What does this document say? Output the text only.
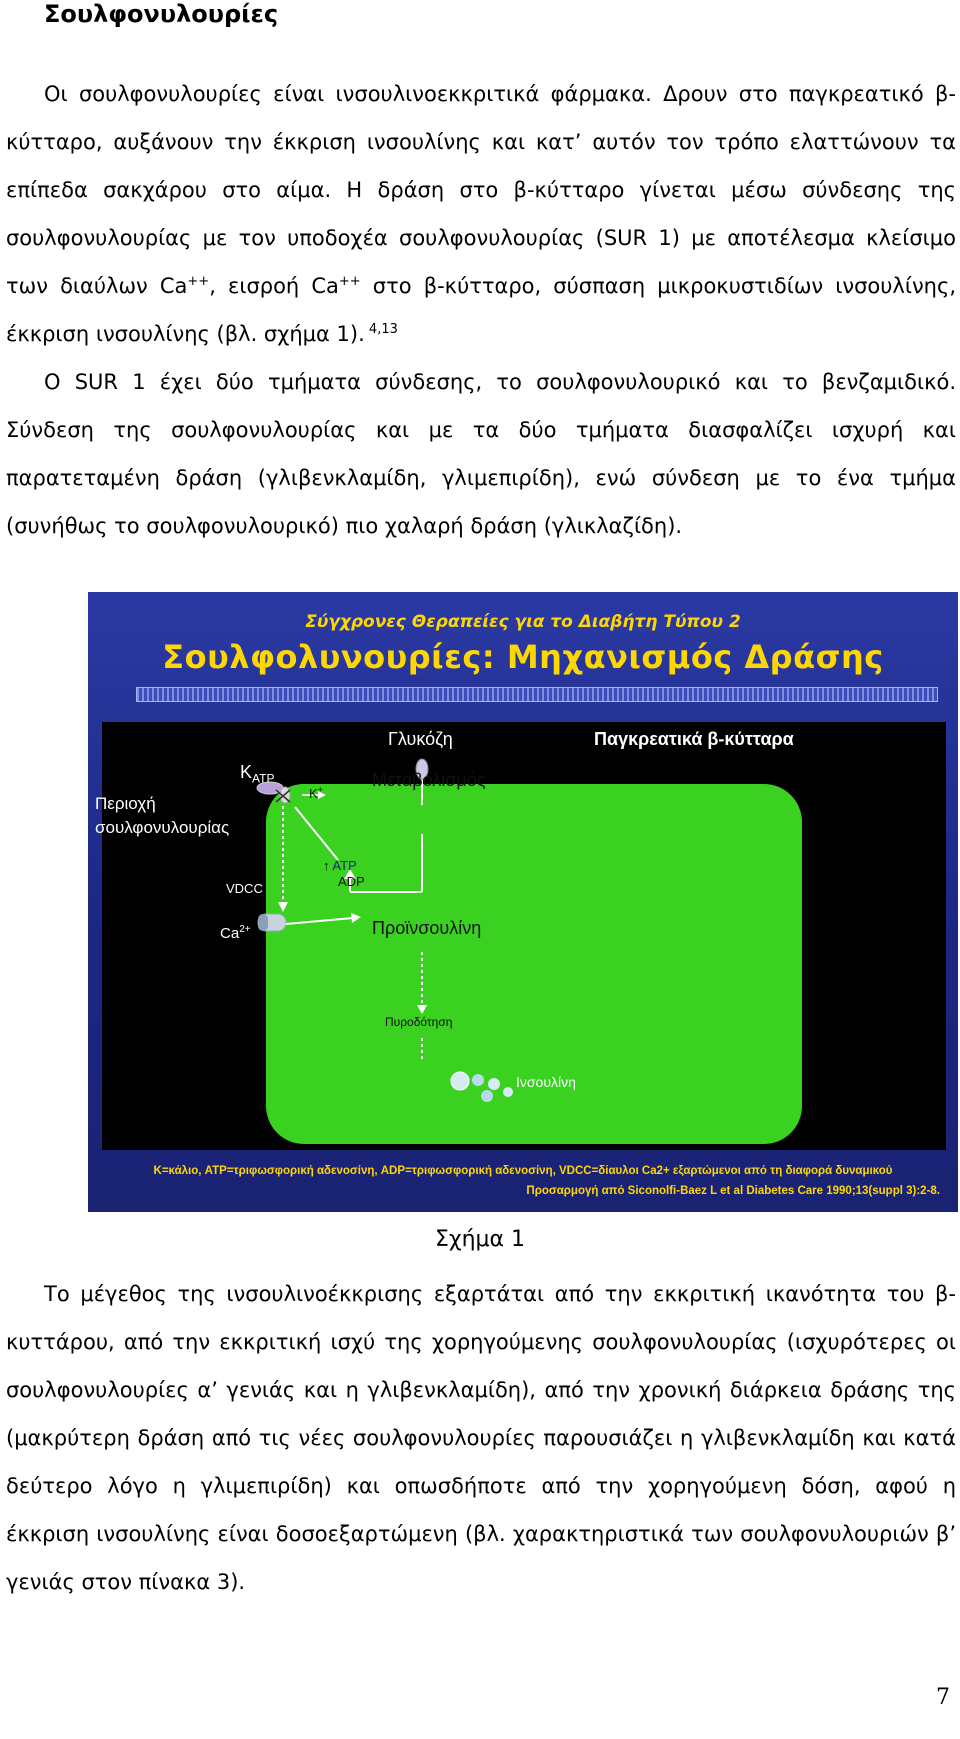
Σουλφονυλουρίες

Οι σουλφονυλουρίες είναι ινσουλινοεκκριτικά φάρμακα. Δρουν στο παγκρεατικό β-κύτταρο, αυξάνουν την έκκριση ινσουλίνης και κατ’ αυτόν τον τρόπο ελαττώνουν τα επίπεδα σακχάρου στο αίμα. Η δράση στο β-κύτταρο γίνεται μέσω σύνδεσης της σουλφονυλουρίας με τον υποδοχέα σουλφονυλουρίας (SUR 1) με αποτέλεσμα κλείσιμο των διαύλων Ca++, εισροή Ca++ στο β-κύτταρο, σύσπαση μικροκυστιδίων ινσουλίνης, έκκριση ινσουλίνης (βλ. σχήμα 1). $^{4,13}$

Ο SUR 1 έχει δύο τμήματα σύνδεσης, το σουλφονυλουρικό και το βενζαμιδικό. Σύνδεση της σουλφονυλουρίας και με τα δύο τμήματα διασφαλίζει ισχυρή και παρατεταμένη δράση (γλιβενκλαμίδη, γλιμεπιρίδη), ενώ σύνδεση με το ένα τμήμα (συνήθως το σουλφονυλουρικό) πιο χαλαρή δράση (γλικλαζίδη).

Σύγχρονες Θεραπείες για το Διαβήτη Τύπου 2
Σουλφολυνουρίες: Μηχανισμός Δράσης
Γλυκόζη	Παγκρεατικά β-κύτταρα
$K_{ATP}$
Περιοχή
σουλφονυλουρίας
K+	Μεταβολισμός
↑ ATP
ADP
VDCC
$Ca^{2+}$	Προϊνσουλίνη
Πυροδότηση
Ινσουλίνη
K=κάλιο, ATP=τριφωσφορική αδενοσίνη, ADP=τριφωσφορική αδενοσίνη, VDCC=δίαυλοι Ca2+ εξαρτώμενοι από τη διαφορά δυναμικού
Προσαρμογή από Siconolfi-Baez L et al Diabetes Care 1990;13(suppl 3):2-8.
Σχήμα 1

Το μέγεθος της ινσουλινοέκκρισης εξαρτάται από την εκκριτική ικανότητα του β-κυττάρου, από την εκκριτική ισχύ της χορηγούμενης σουλφονυλουρίας (ισχυρότερες οι σουλφονυλουρίες α’ γενιάς και η γλιβενκλαμίδη), από την χρονική διάρκεια δράσης της (μακρύτερη δράση από τις νέες σουλφονυλουρίες παρουσιάζει η γλιβενκλαμίδη και κατά δεύτερο λόγο η γλιμεπιρίδη) και οπωσδήποτε από την χορηγούμενη δόση, αφού η έκκριση ινσουλίνης είναι δοσοεξαρτώμενη (βλ. χαρακτηριστικά των σουλφονυλουριών β’ γενιάς στον πίνακα 3).

7
